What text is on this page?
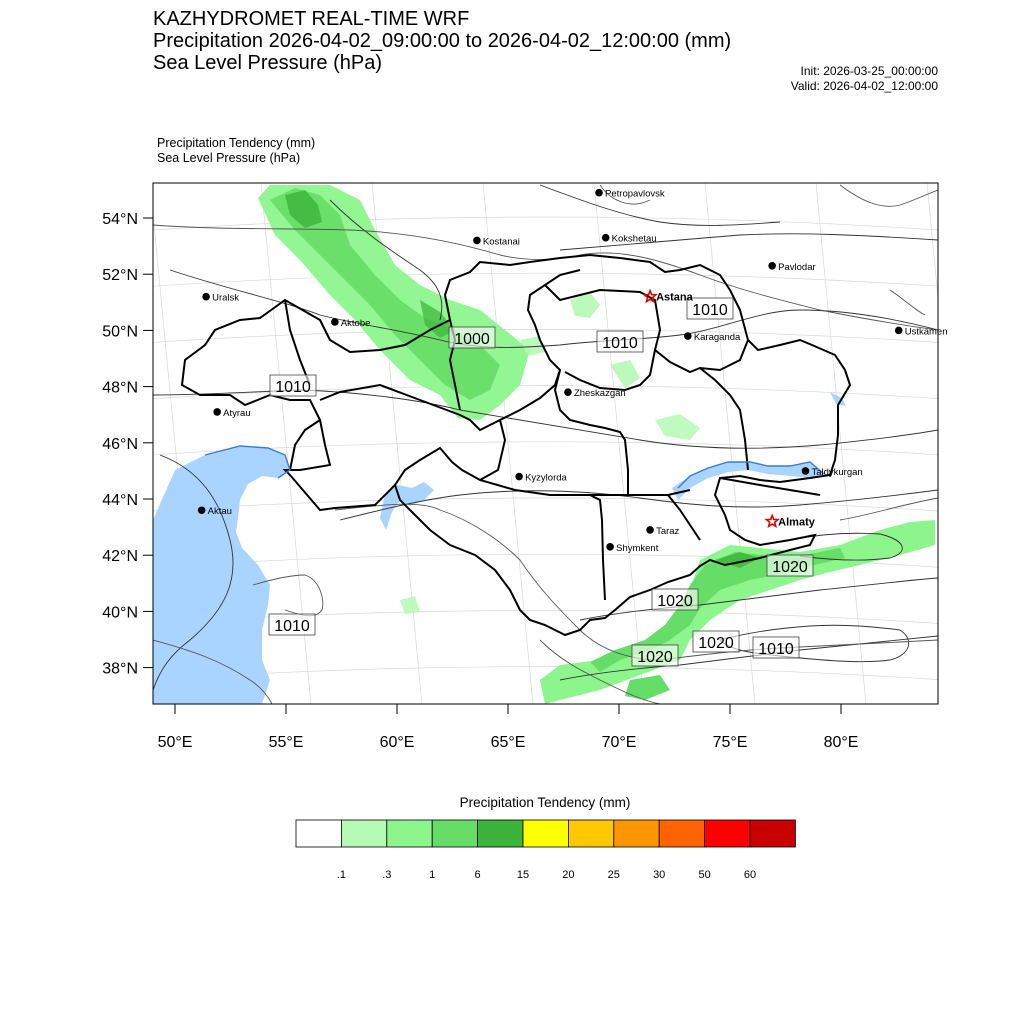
KAZHYDROMET REAL-TIME WRF
Precipitation 2026-04-02_09:00:00 to 2026-04-02_12:00:00 (mm)
Sea Level Pressure (hPa)	Init: 2026-03-25_00:00:00
Valid: 2026-04-02_12:00:00
Precipitation Tendency (mm)
Sea Level Pressure (hPa)
54°N
52°N
50°N
48°N
46°N
44°N
42°N
40°N
38°N
50°E	55°E	60°E	65°E	70°E	75°E	80°E
1000	1010
1010
1010
1010
1020
1020
1020
1020	1010
Petropavlovsk
Kostanai	Kokshetau
Pavlodar
Uralsk	Astana
Aktobe
Ustkamen
Karaganda
Atyrau
Zheskazgan
Kyzylorda
Taldykurgan
Aktau
Almaty
Taraz
Shymkent
.1	.3	1	6	15	20	25	30	50	60
Precipitation Tendency (mm)
